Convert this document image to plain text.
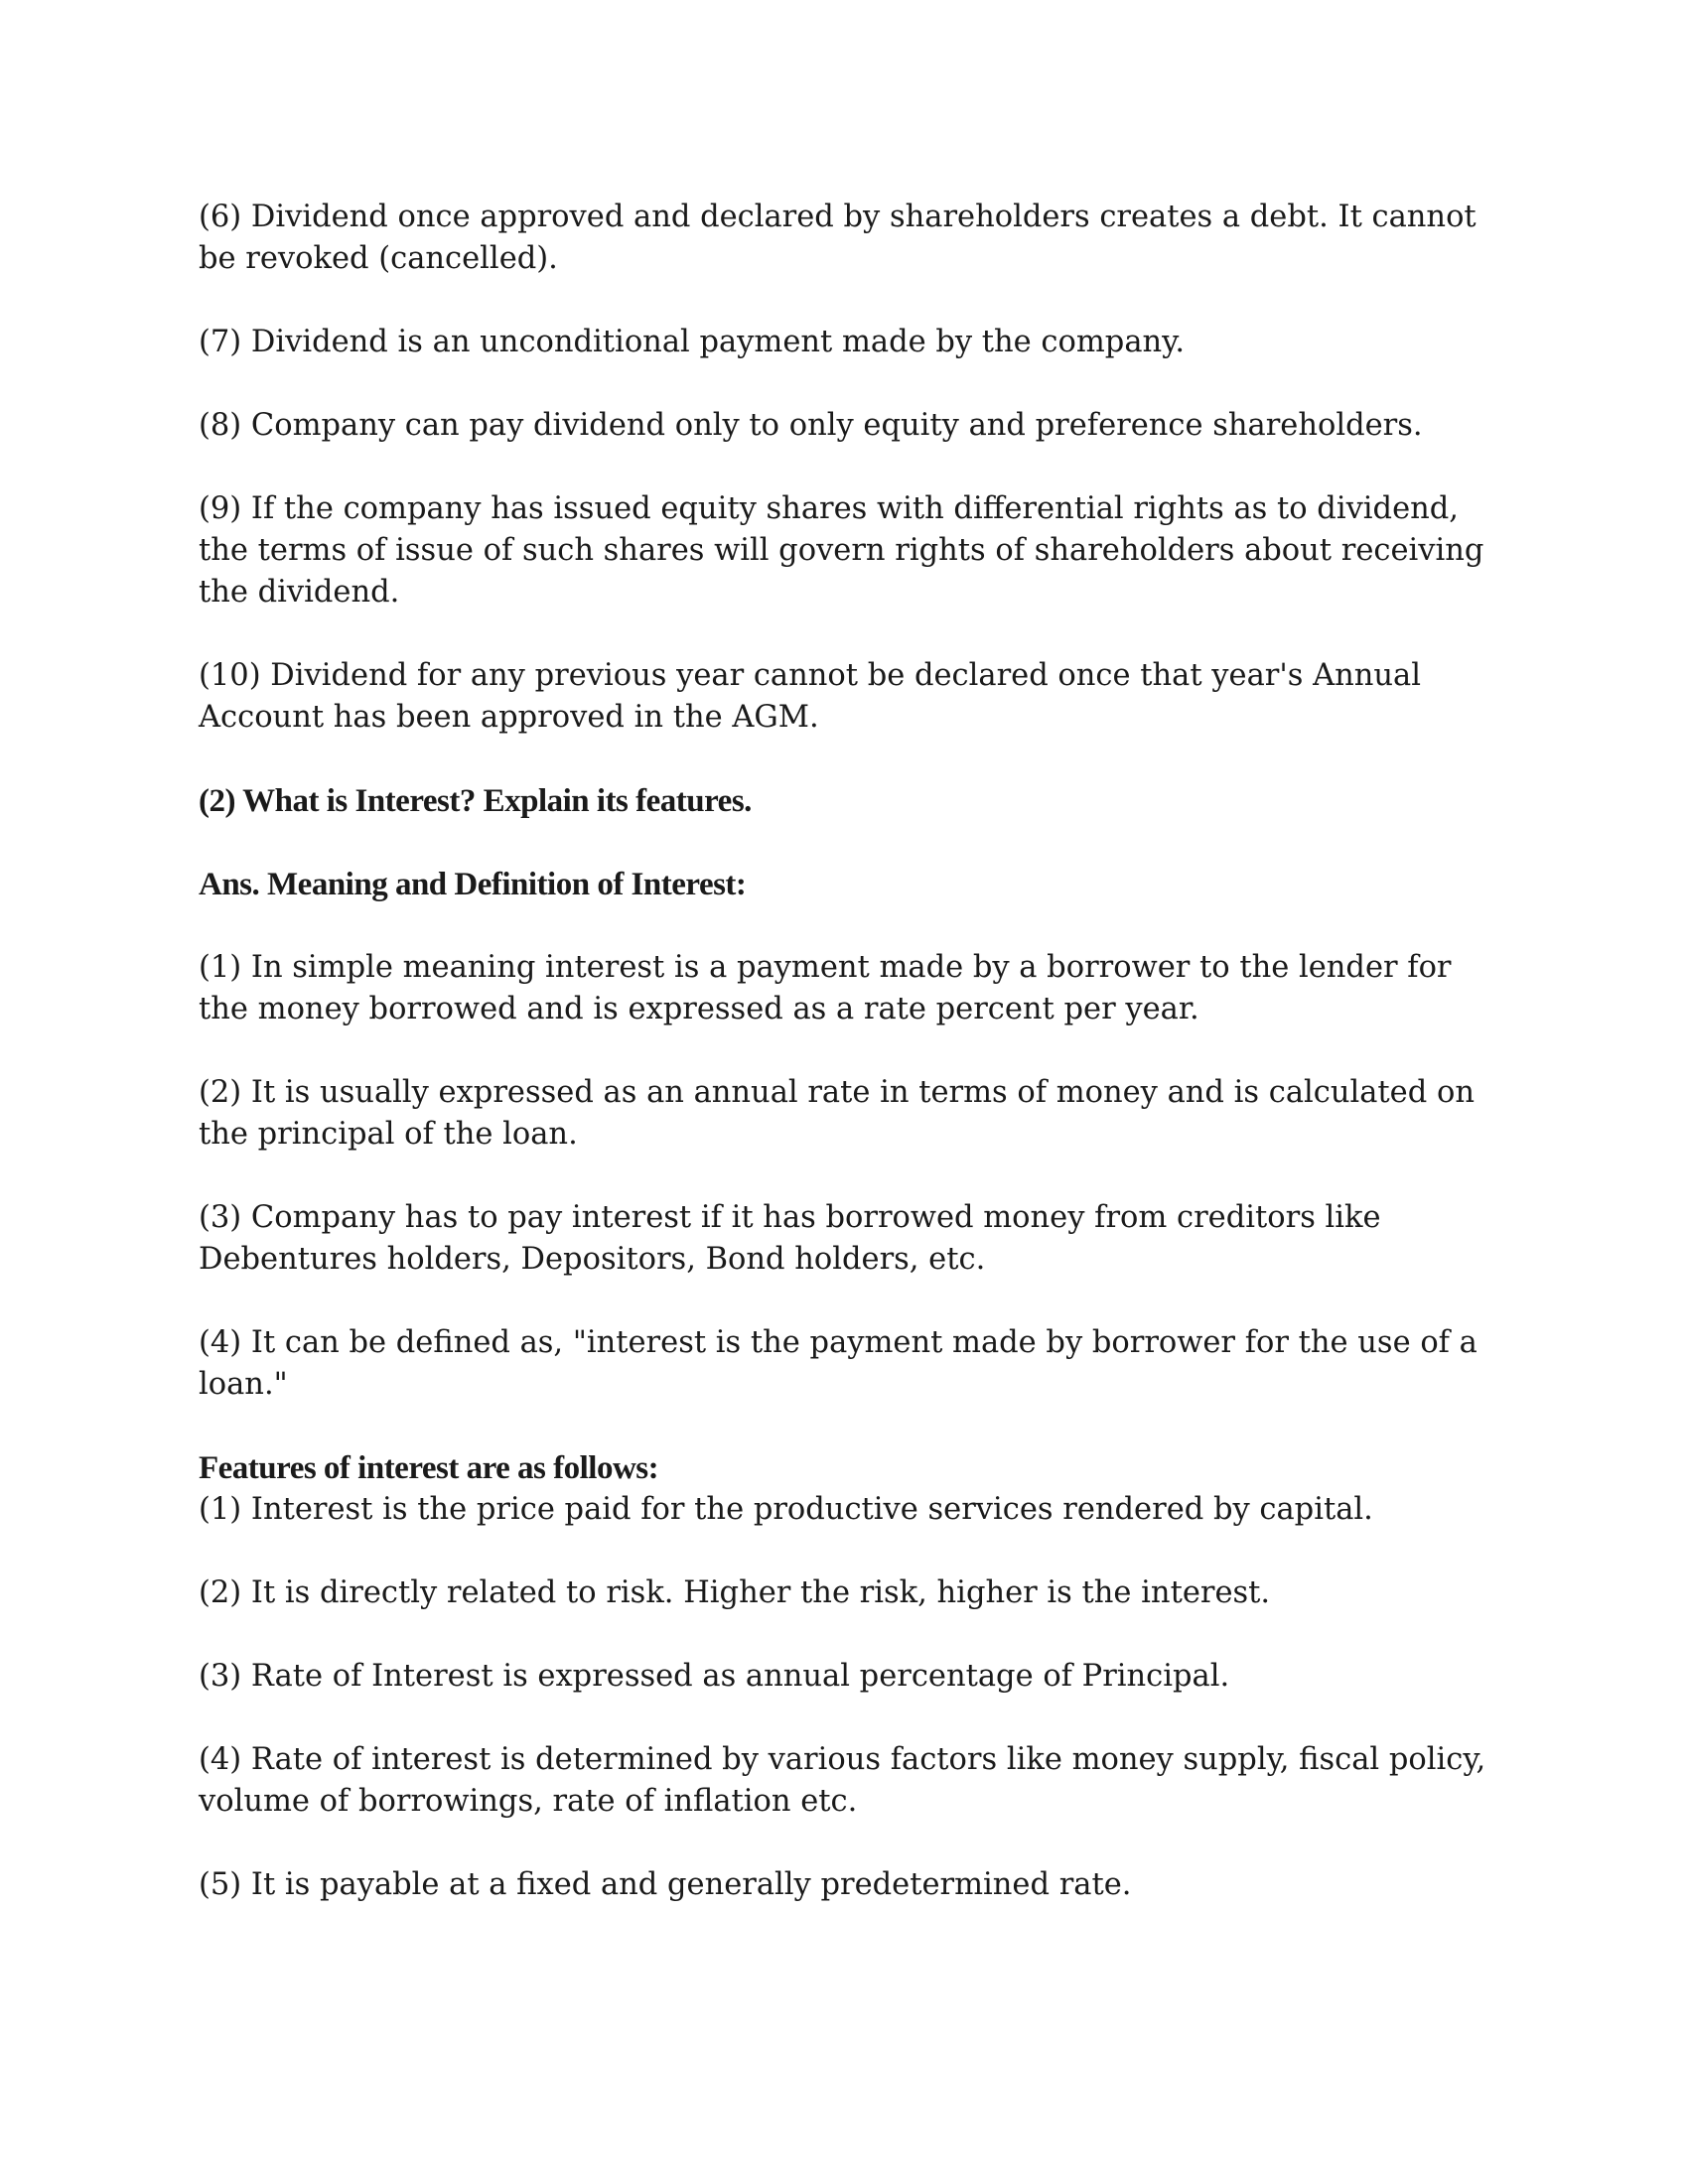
(6) Dividend once approved and declared by shareholders creates a debt. It cannot be revoked (cancelled).

(7) Dividend is an unconditional payment made by the company.

(8) Company can pay dividend only to only equity and preference shareholders.

(9) If the company has issued equity shares with differential rights as to dividend, the terms of issue of such shares will govern rights of shareholders about receiving the dividend.

(10) Dividend for any previous year cannot be declared once that year's Annual Account has been approved in the AGM.

(2) What is Interest? Explain its features.

Ans. Meaning and Definition of Interest:

(1) In simple meaning interest is a payment made by a borrower to the lender for the money borrowed and is expressed as a rate percent per year.

(2) It is usually expressed as an annual rate in terms of money and is calculated on the principal of the loan.

(3) Company has to pay interest if it has borrowed money from creditors like Debentures holders, Depositors, Bond holders, etc.

(4) It can be defined as, "interest is the payment made by borrower for the use of a loan."

Features of interest are as follows:

(1) Interest is the price paid for the productive services rendered by capital.

(2) It is directly related to risk. Higher the risk, higher is the interest.

(3) Rate of Interest is expressed as annual percentage of Principal.

(4) Rate of interest is determined by various factors like money supply, fiscal policy, volume of borrowings, rate of inflation etc.

(5) It is payable at a fixed and generally predetermined rate.
